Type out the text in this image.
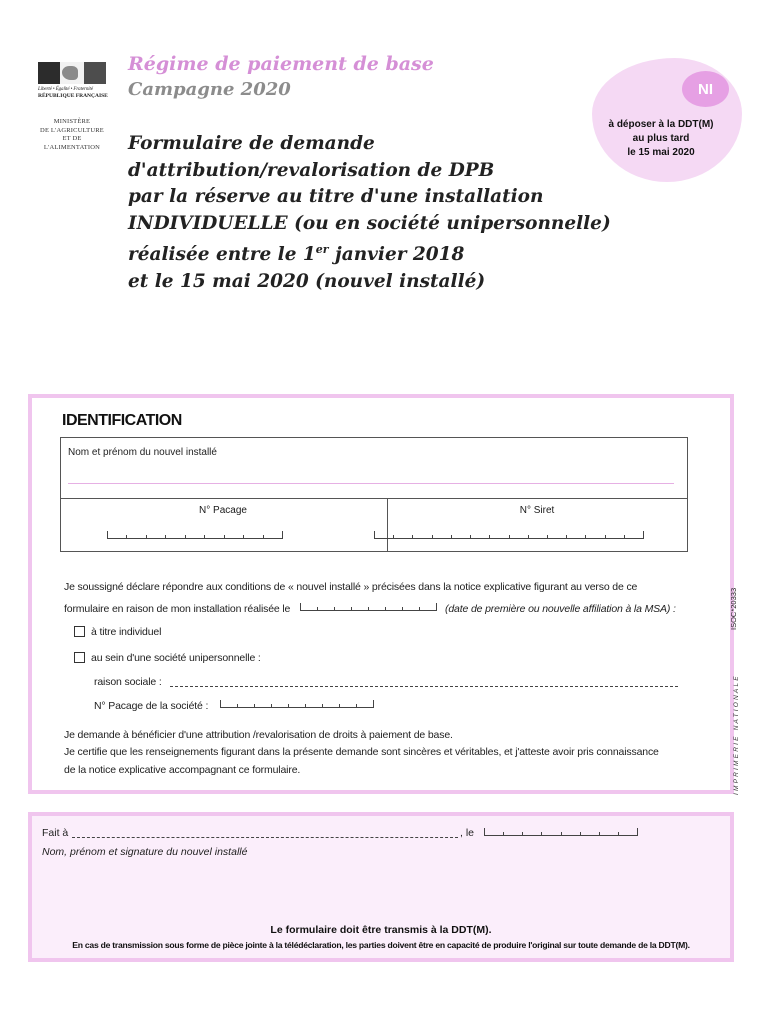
Liberté • Égalité • Fraternité
RÉPUBLIQUE FRANÇAISE
MINISTÈRE
DE L'AGRICULTURE
ET DE
L'ALIMENTATION
Régime de paiement de base
Campagne 2020
Formulaire de demande
d'attribution/revalorisation de DPB
par la réserve au titre d'une installation
INDIVIDUELLE (ou en société unipersonnelle)
réalisée entre le 1er janvier 2018
et le 15 mai 2020 (nouvel installé)
NI
à déposer à la DDT(M)
au plus tard
le 15 mai 2020
IDENTIFICATION
Nom et prénom du nouvel installé
N° Pacage	N° Siret
Je soussigné déclare répondre aux conditions de « nouvel installé » précisées dans la notice explicative figurant au verso de ce
formulaire en raison de mon installation réalisée le	(date de première ou nouvelle affiliation à la MSA) :
à titre individuel
au sein d'une société unipersonnelle :
raison sociale :
N° Pacage de la société :
Je demande à bénéficier d'une attribution /revalorisation de droits à paiement de base.
Je certifie que les renseignements figurant dans la présente demande sont sincères et véritables, et j'atteste avoir pris connaissance
de la notice explicative accompagnant ce formulaire.
ISOC*20333
IMPRIMERIE NATIONALE
Fait à	, le
Nom, prénom et signature du nouvel installé
Le formulaire doit être transmis à la DDT(M).
En cas de transmission sous forme de pièce jointe à la télédéclaration, les parties doivent être en capacité de produire l'original sur toute demande de la DDT(M).
